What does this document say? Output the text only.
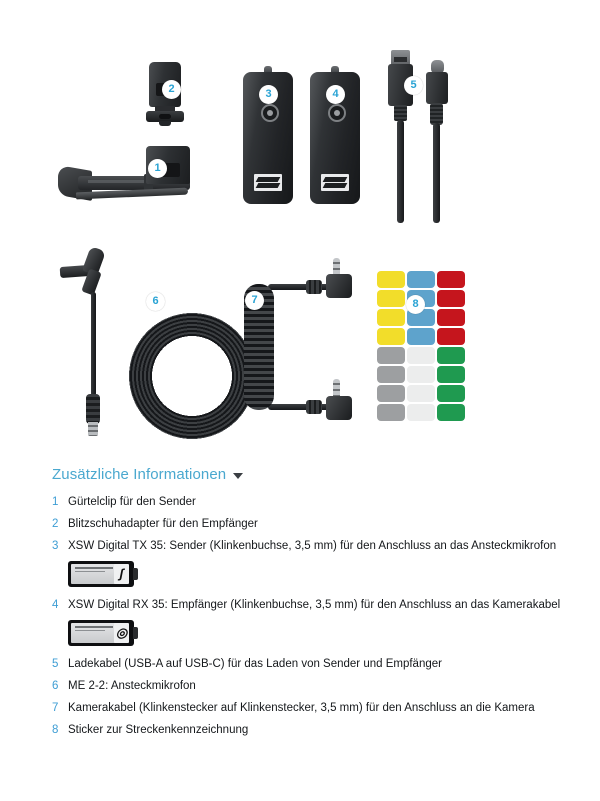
2
1
3	4
5
6	7	8
Zusätzliche Informationen
1 Gürtelclip für den Sender
2 Blitzschuhadapter für den Empfänger
3 XSW Digital TX 35: Sender (Klinkenbuchse, 3,5 mm) für den Anschluss an das Ansteckmikrofon
ʃ
4 XSW Digital RX 35: Empfänger (Klinkenbuchse, 3,5 mm) für den Anschluss an das Kamerakabel
◎
5 Ladekabel (USB-A auf USB-C) für das Laden von Sender und Empfänger
6 ME 2-2: Ansteckmikrofon
7 Kamerakabel (Klinkenstecker auf Klinkenstecker, 3,5 mm) für den Anschluss an die Kamera
8 Sticker zur Streckenkennzeichnung
